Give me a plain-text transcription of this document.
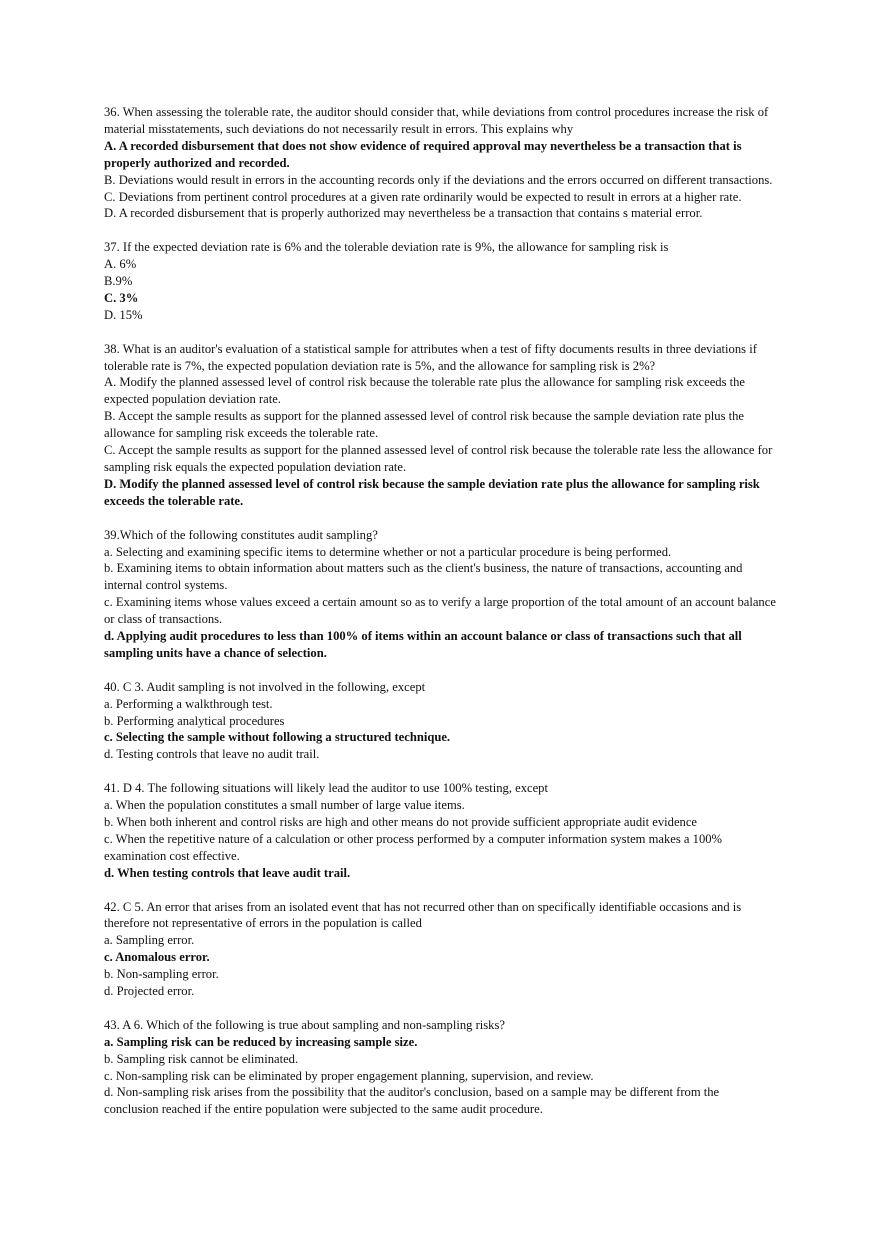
36. When assessing the tolerable rate, the auditor should consider that, while deviations from control procedures increase the risk of material misstatements, such deviations do not necessarily result in errors. This explains why
A. A recorded disbursement that does not show evidence of required approval may nevertheless be a transaction that is properly authorized and recorded.
B. Deviations would result in errors in the accounting records only if the deviations and the errors occurred on different transactions.
C. Deviations from pertinent control procedures at a given rate ordinarily would be expected to result in errors at a higher rate.
D. A recorded disbursement that is properly authorized may nevertheless be a transaction that contains s material error.
37. If the expected deviation rate is 6% and the tolerable deviation rate is 9%, the allowance for sampling risk is
A. 6%
B.9%
C. 3%
D. 15%
38. What is an auditor's evaluation of a statistical sample for attributes when a test of fifty documents results in three deviations if tolerable rate is 7%, the expected population deviation rate is 5%, and the allowance for sampling risk is 2%?
A. Modify the planned assessed level of control risk because the tolerable rate plus the allowance for sampling risk exceeds the expected population deviation rate.
B. Accept the sample results as support for the planned assessed level of control risk because the sample deviation rate plus the allowance for sampling risk exceeds the tolerable rate.
C. Accept the sample results as support for the planned assessed level of control risk because the tolerable rate less the allowance for sampling risk equals the expected population deviation rate.
D. Modify the planned assessed level of control risk because the sample deviation rate plus the allowance for sampling risk exceeds the tolerable rate.
39.Which of the following constitutes audit sampling?
a. Selecting and examining specific items to determine whether or not a particular procedure is being performed.
b. Examining items to obtain information about matters such as the client's business, the nature of transactions, accounting and internal control systems.
c. Examining items whose values exceed a certain amount so as to verify a large proportion of the total amount of an account balance or class of transactions.
d. Applying audit procedures to less than 100% of items within an account balance or class of transactions such that all sampling units have a chance of selection.
40. C 3. Audit sampling is not involved in the following, except
a. Performing a walkthrough test.
b. Performing analytical procedures
c. Selecting the sample without following a structured technique.
d. Testing controls that leave no audit trail.
41. D 4. The following situations will likely lead the auditor to use 100% testing, except
a. When the population constitutes a small number of large value items.
b. When both inherent and control risks are high and other means do not provide sufficient appropriate audit evidence
c. When the repetitive nature of a calculation or other process performed by a computer information system makes a 100% examination cost effective.
d. When testing controls that leave audit trail.
42. C 5. An error that arises from an isolated event that has not recurred other than on specifically identifiable occasions and is therefore not representative of errors in the population is called
a. Sampling error.
c. Anomalous error.
b. Non-sampling error.
d. Projected error.
43. A 6. Which of the following is true about sampling and non-sampling risks?
a. Sampling risk can be reduced by increasing sample size.
b. Sampling risk cannot be eliminated.
c. Non-sampling risk can be eliminated by proper engagement planning, supervision, and review.
d. Non-sampling risk arises from the possibility that the auditor's conclusion, based on a sample may be different from the conclusion reached if the entire population were subjected to the same audit procedure.
